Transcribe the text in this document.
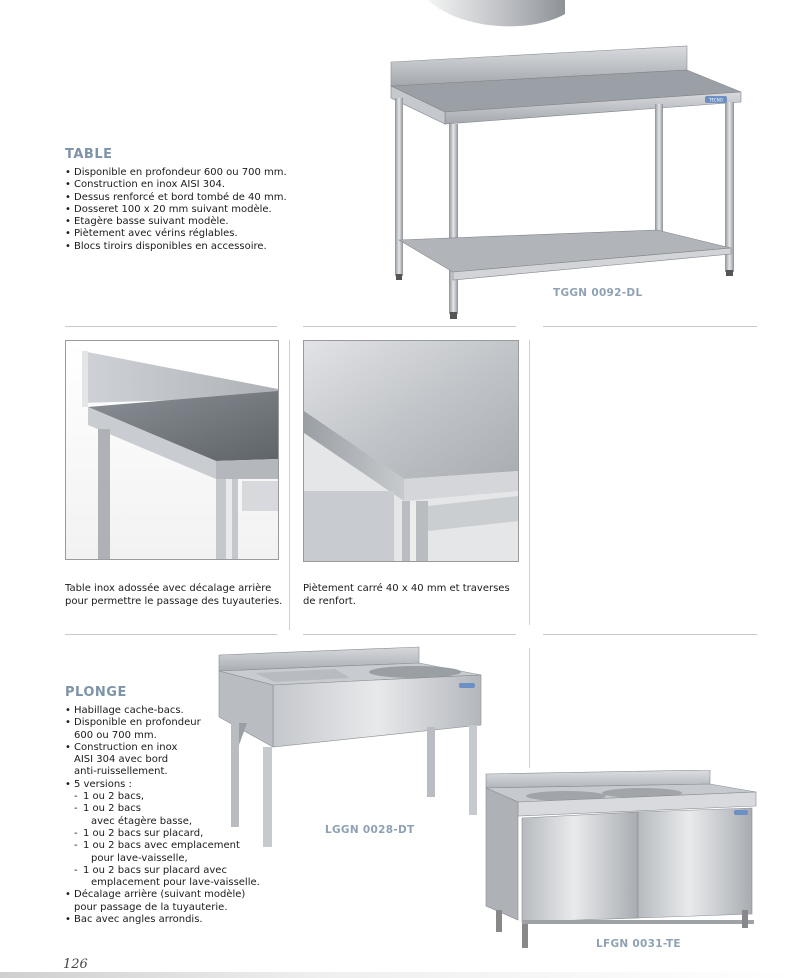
TABLE
• Disponible en profondeur 600 ou 700 mm.
• Construction en inox AISI 304.
• Dessus renforcé et bord tombé de 40 mm.
• Dosseret 100 x 20 mm suivant modèle.
• Etagère basse suivant modèle.
• Piètement avec vérins réglables.
• Blocs tiroirs disponibles en accessoire.
TECNO
TGGN 0092-DL
Table inox adossée avec décalage arrière
pour permettre le passage des tuyauteries.
Piètement carré 40 x 40 mm et traverses
de renfort.
PLONGE
• Habillage cache-bacs.
• Disponible en profondeur
600 ou 700 mm.
• Construction en inox
AISI 304 avec bord
anti-ruissellement.
• 5 versions :
- 1 ou 2 bacs,
- 1 ou 2 bacs
avec étagère basse,
- 1 ou 2 bacs sur placard,
- 1 ou 2 bacs avec emplacement
pour lave-vaisselle,
- 1 ou 2 bacs sur placard avec
emplacement pour lave-vaisselle.
• Décalage arrière (suivant modèle)
pour passage de la tuyauterie.
• Bac avec angles arrondis.
LGGN 0028-DT
LFGN 0031-TE
126
